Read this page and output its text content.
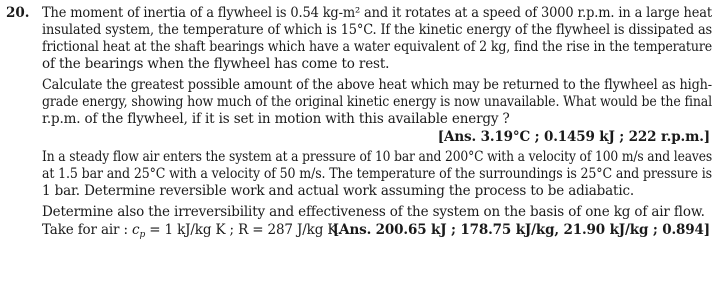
20. The moment of inertia of a flywheel is 0.54 kg-m² and it rotates at a speed of 3000 r.p.m. in a large heat
insulated system, the temperature of which is 15°C. If the kinetic energy of the flywheel is dissipated as
frictional heat at the shaft bearings which have a water equivalent of 2 kg, find the rise in the temperature
of the bearings when the flywheel has come to rest.
Calculate the greatest possible amount of the above heat which may be returned to the flywheel as high-
grade energy, showing how much of the original kinetic energy is now unavailable. What would be the final
r.p.m. of the flywheel, if it is set in motion with this available energy ?
[Ans. 3.19°C ; 0.1459 kJ ; 222 r.p.m.]
In a steady flow air enters the system at a pressure of 10 bar and 200°C with a velocity of 100 m/s and leaves
at 1.5 bar and 25°C with a velocity of 50 m/s. The temperature of the surroundings is 25°C and pressure is
1 bar. Determine reversible work and actual work assuming the process to be adiabatic.
Determine also the irreversibility and effectiveness of the system on the basis of one kg of air flow.
Take for air : $c_p = 1$ kJ/kg K ; R = 287 J/kg K.
[Ans. 200.65 kJ ; 178.75 kJ/kg, 21.90 kJ/kg ; 0.894]
